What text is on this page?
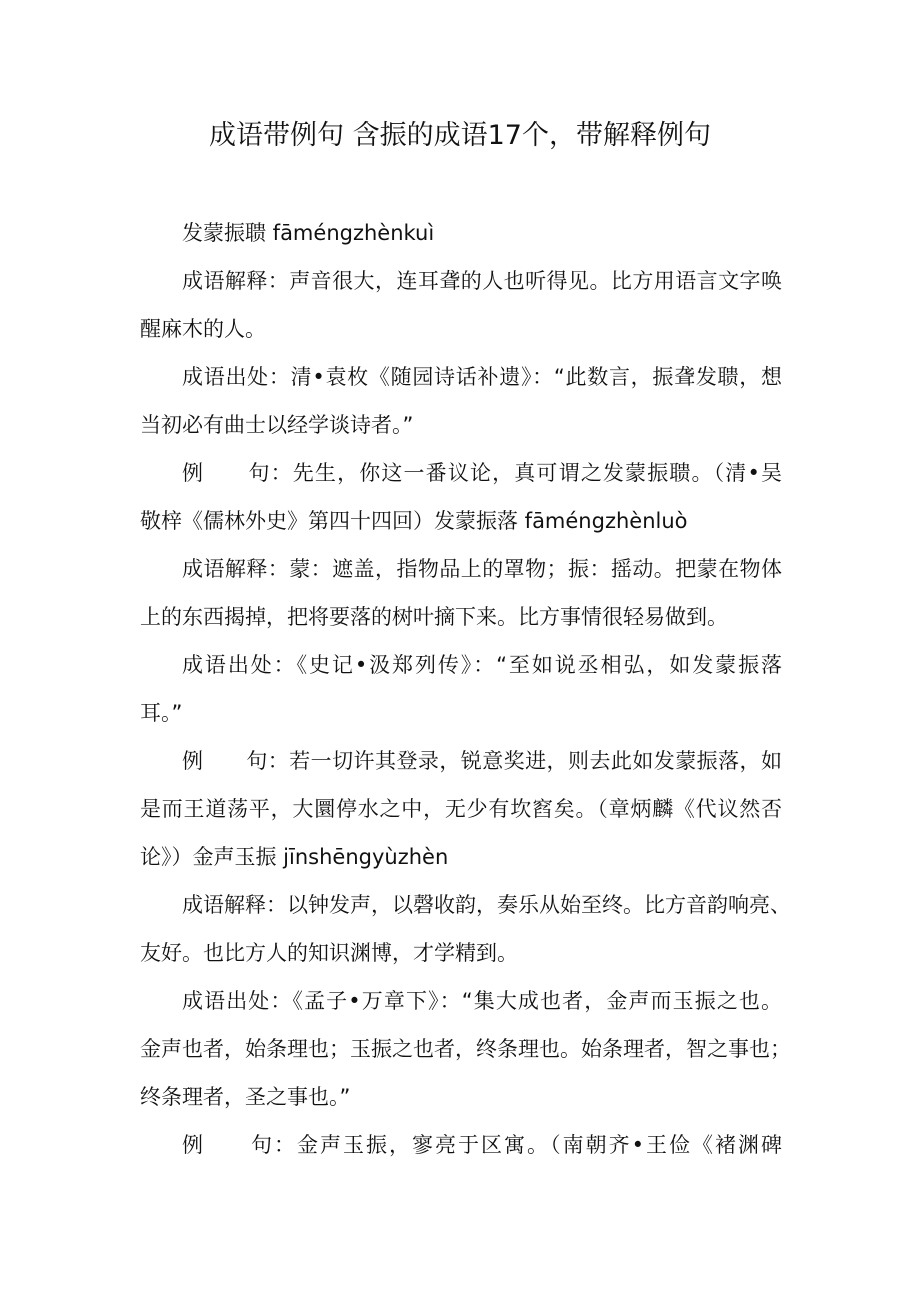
成语带例句 含振的成语17个，带解释例句
发蒙振聩 fāméngzhènkuì
成语解释：声音很大，连耳聋的人也听得见。比方用语言文字唤
醒麻木的人。
成语出处：清•袁枚《随园诗话补遗》：“此数言，振聋发聩，想
当初必有曲士以经学谈诗者。”
例　　句：先生，你这一番议论，真可谓之发蒙振聩。（清•吴
敬梓《儒林外史》第四十四回）发蒙振落 fāméngzhènluò
成语解释：蒙：遮盖，指物品上的罩物；振：摇动。把蒙在物体
上的东西揭掉，把将要落的树叶摘下来。比方事情很轻易做到。
成语出处：《史记•汲郑列传》：“至如说丞相弘，如发蒙振落
耳。”
例　　句：若一切许其登录，锐意奖进，则去此如发蒙振落，如
是而王道荡平，大圜停水之中，无少有坎窞矣。（章炳麟《代议然否
论》）金声玉振 jīnshēngyùzhèn
成语解释：以钟发声，以磬收韵，奏乐从始至终。比方音韵响亮、
友好。也比方人的知识渊博，才学精到。
成语出处：《孟子•万章下》：“集大成也者，金声而玉振之也。
金声也者，始条理也；玉振之也者，终条理也。始条理者，智之事也；
终条理者，圣之事也。”
例　　句：金声玉振，寥亮于区寓。（南朝齐•王俭《褚渊碑
